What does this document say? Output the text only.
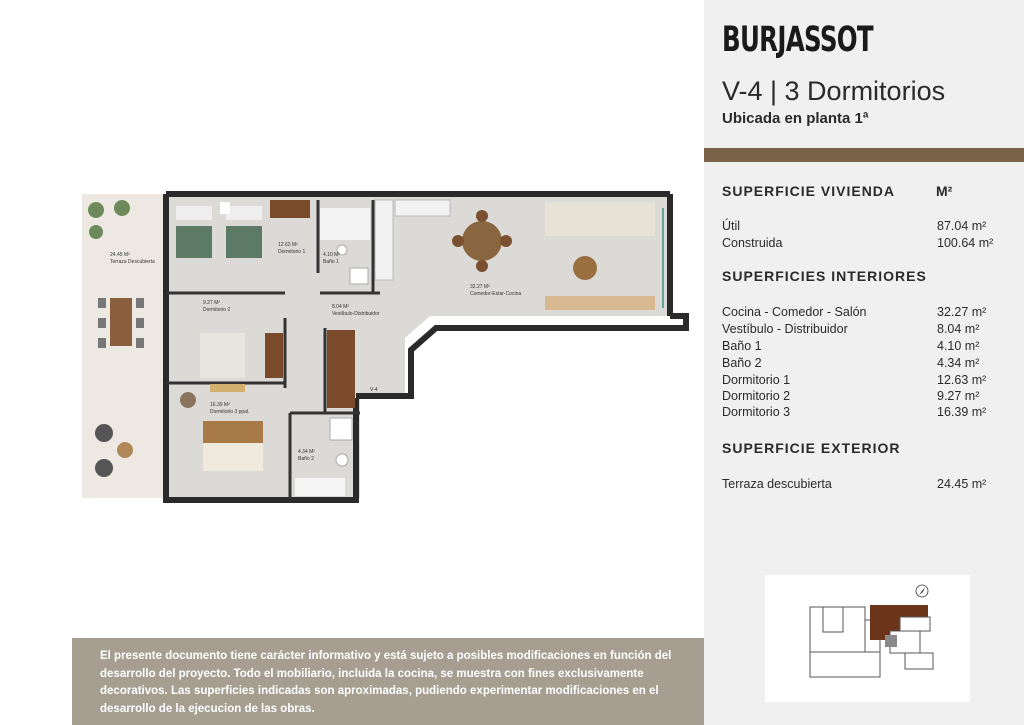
24.45 M²
Terraza Descubierta
12.63 M²
Dormitorio 1	4.10 M²
Baño 1
32.27 M²
Comedor-Estar-Cocina
9.27 M²
Dormitorio 2	8.04 M²
Vestíbulo-Distribuidor
16.39 M²
Dormitorio 3 ppal.
4.34 M²
Baño 2
V-4
BURJASSOT
V-4 | 3 Dormitorios
Ubicada en planta 1ª
SUPERFICIE VIVIENDA	M²
Útil	87.04 m²
Construida	100.64 m²
SUPERFICIES INTERIORES
Cocina - Comedor - Salón	32.27 m²
Vestíbulo - Distribuidor	8.04 m²
Baño 1	4.10 m²
Baño 2	4.34 m²
Dormitorio 1	12.63 m²
Dormitorio 2	9.27 m²
Dormitorio 3	16.39 m²
SUPERFICIE EXTERIOR
Terraza descubierta	24.45 m²

El presente documento tiene carácter informativo y está sujeto a posibles modificaciones en función del desarrollo del proyecto. Todo el mobiliario, incluida la cocina, se muestra con fines exclusivamente decorativos. Las superficies indicadas son aproximadas, pudiendo experimentar modificaciones en el desarrollo de la ejecucion de las obras.
